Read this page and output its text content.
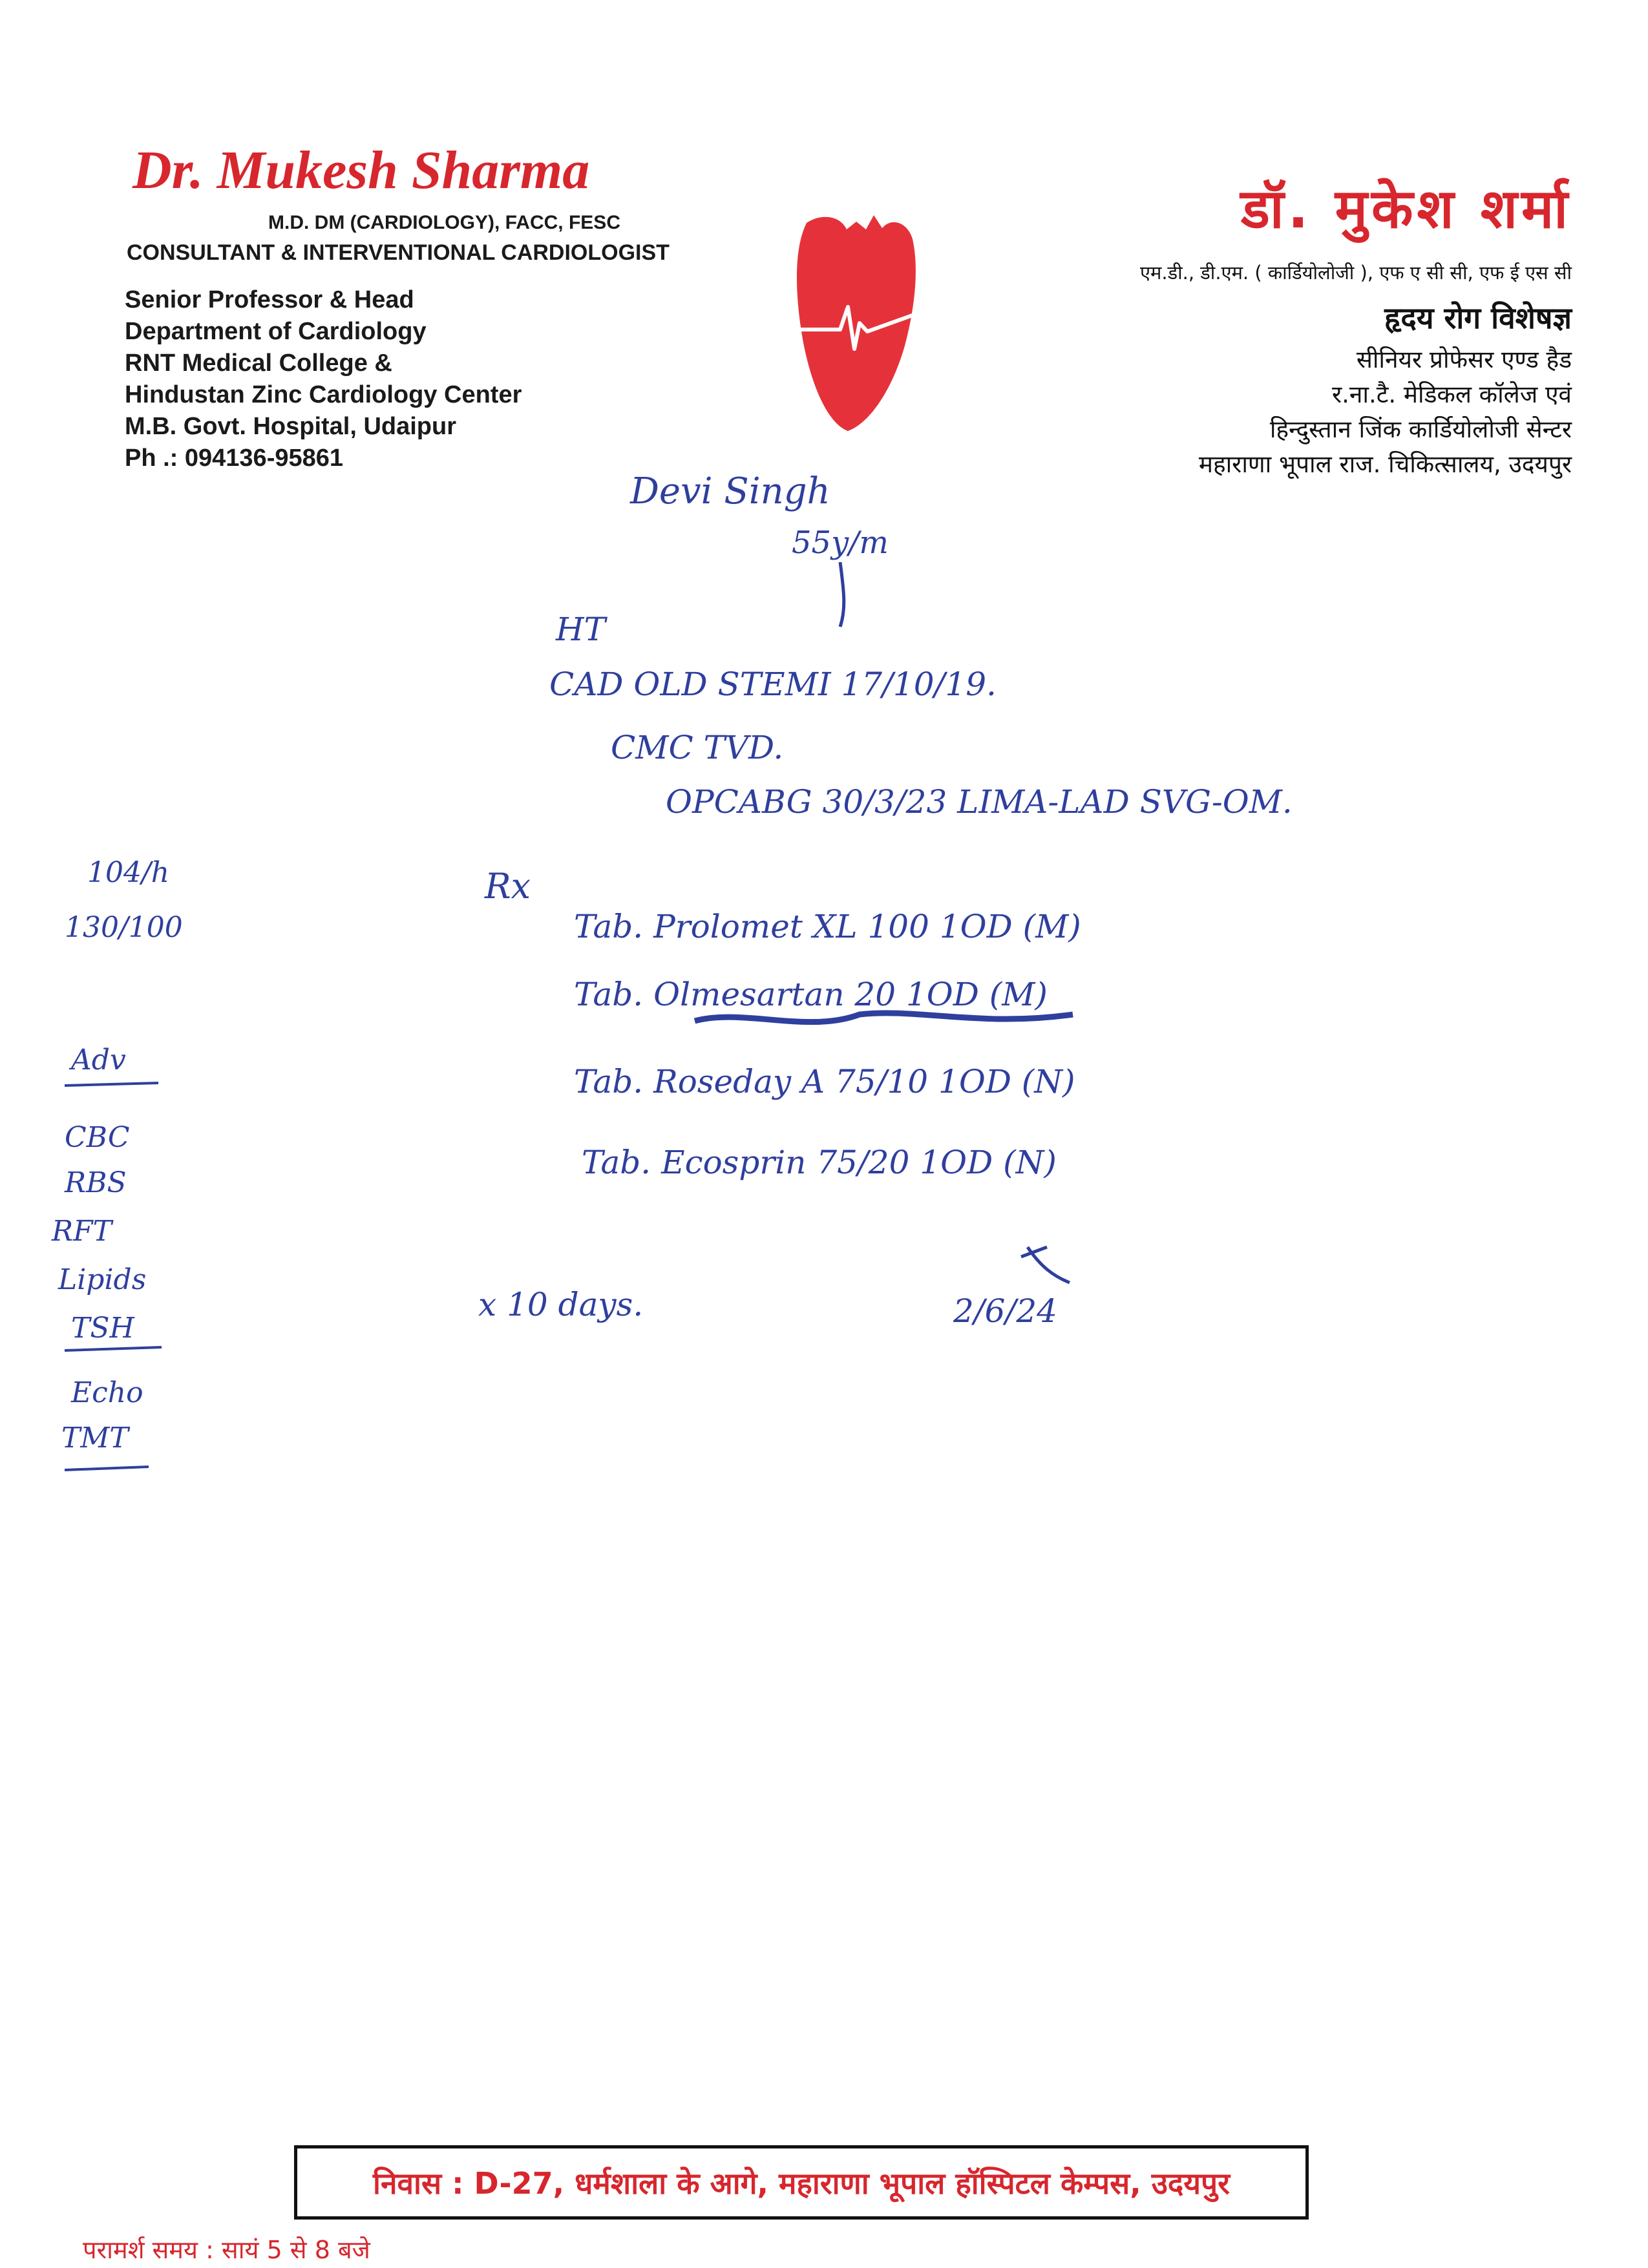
Dr. Mukesh Sharma
M.D. DM (CARDIOLOGY), FACC, FESC
CONSULTANT & INTERVENTIONAL CARDIOLOGIST
Senior Professor & Head
Department of Cardiology
RNT Medical College &
Hindustan Zinc Cardiology Center
M.B. Govt. Hospital, Udaipur
Ph .: 094136-95861
डॉ. मुकेश शर्मा
एम.डी., डी.एम. ( कार्डियोलोजी ), एफ ए सी सी, एफ ई एस सी
हृदय रोग विशेषज्ञ
सीनियर प्रोफेसर एण्ड हैड
र.ना.टै. मेडिकल कॉलेज एवं
हिन्दुस्तान जिंक कार्डियोलोजी सेन्टर
महाराणा भूपाल राज. चिकित्सालय, उदयपुर
Devi Singh
55y/m
HT
CAD OLD STEMI 17/10/19.
CMC TVD.
OPCABG 30/3/23 LIMA-LAD SVG-OM.
Rx
Tab. Prolomet XL 100 1OD (M)
Tab. Olmesartan 20 1OD (M)
Tab. Roseday A 75/10 1OD (N)
Tab. Ecosprin 75/20 1OD (N)
x 10 days.	2/6/24
104/h
130/100
Adv
CBC
RBS
RFT
Lipids
TSH
Echo
TMT
निवास : D-27, धर्मशाला के आगे, महाराणा भूपाल हॉस्पिटल केम्पस, उदयपुर
परामर्श समय : सायं 5 से 8 बजे
